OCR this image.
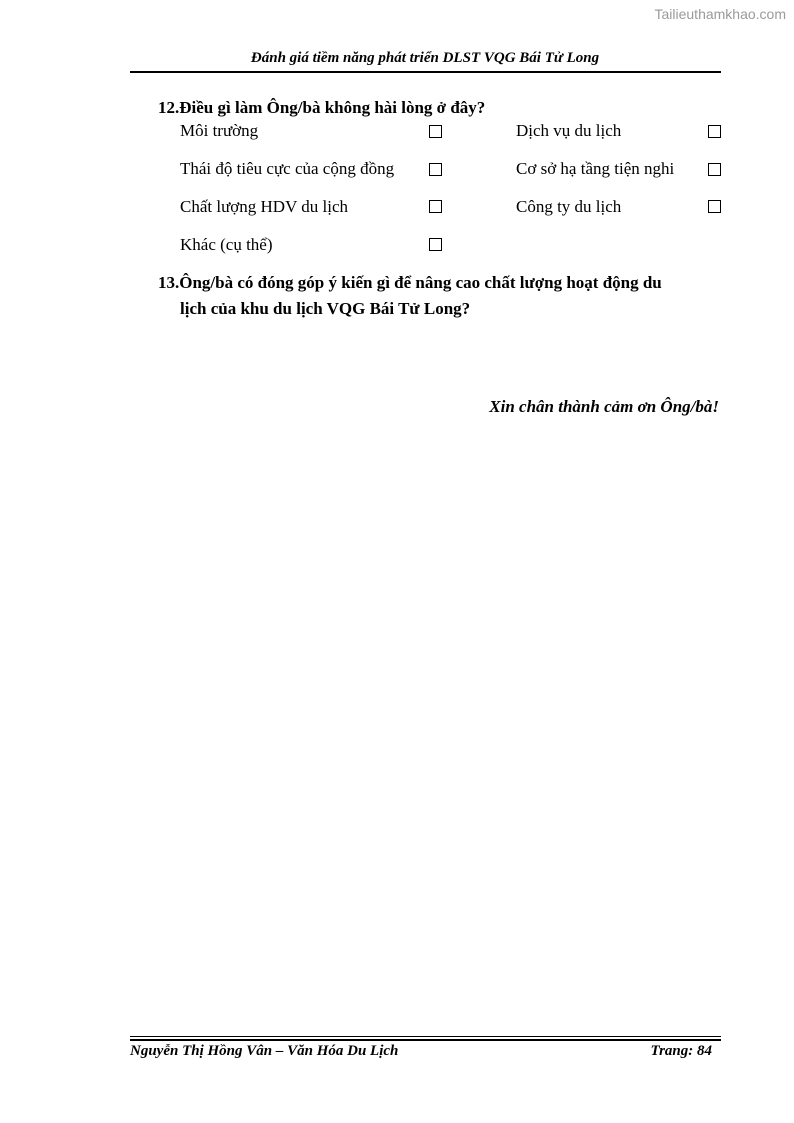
Tailieuthamkhao.com
Đánh giá tiềm năng phát triển DLST VQG Bái Tử Long
12.Điều gì làm Ông/bà không hài lòng ở đây?
Môi trường
Thái độ tiêu cực của cộng đồng
Chất lượng HDV du lịch
Khác (cụ thể)
Dịch vụ du lịch
Cơ sở hạ tầng tiện nghi
Công ty du lịch
13.Ông/bà có đóng góp ý kiến gì để nâng cao chất lượng hoạt động du
lịch của khu du lịch VQG Bái Tử Long?
Xin chân thành cảm ơn Ông/bà!
Nguyễn Thị Hồng Vân – Văn Hóa Du Lịch	Trang: 84
